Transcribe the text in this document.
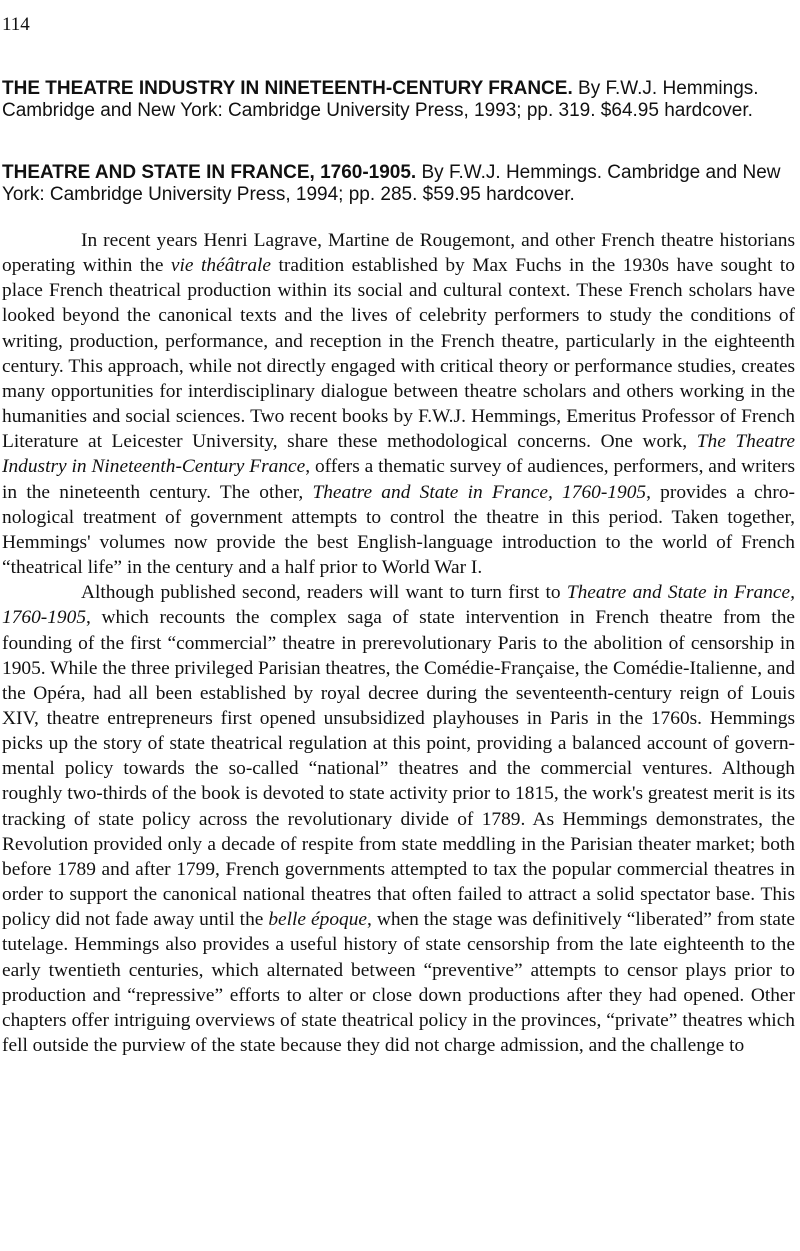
114

THE THEATRE INDUSTRY IN NINETEENTH-CENTURY FRANCE. By F.W.J. Hemmings. Cambridge and New York: Cambridge University Press, 1993; pp. 319. $64.95 hardcover.

THEATRE AND STATE IN FRANCE, 1760-1905. By F.W.J. Hemmings. Cambridge and New York: Cambridge University Press, 1994; pp. 285. $59.95 hardcover.

In recent years Henri Lagrave, Martine de Rougemont, and other French theatre historians operating within the vie théâtrale tradition established by Max Fuchs in the 1930s have sought to place French theatrical production within its social and cultural context. These French scholars have looked beyond the canonical texts and the lives of celebrity performers to study the conditions of writing, production, performance, and reception in the French theatre, particularly in the eighteenth century. This approach, while not directly engaged with critical theory or performance studies, creates many opportunities for interdisciplinary dialogue between theatre scholars and others working in the humanities and social sciences. Two recent books by F.W.J. Hemmings, Emeritus Professor of French Literature at Leicester University, share these methodological concerns. One work, The Theatre Industry in Nineteenth-Century France, offers a thematic survey of audiences, performers, and writers in the nineteenth century. The other, Theatre and State in France, 1760-1905, provides a chronological treatment of government attempts to control the theatre in this period. Taken together, Hemmings' volumes now provide the best English-language introduction to the world of French “theatrical life” in the century and a half prior to World War I.

Although published second, readers will want to turn first to Theatre and State in France, 1760-1905, which recounts the complex saga of state intervention in French theatre from the founding of the first “commercial” theatre in prerevolutionary Paris to the abolition of censorship in 1905. While the three privileged Parisian theatres, the Comédie-Française, the Comédie-Italienne, and the Opéra, had all been established by royal decree during the seventeenth-century reign of Louis XIV, theatre entrepreneurs first opened unsubsidized playhouses in Paris in the 1760s. Hemmings picks up the story of state theatrical regulation at this point, providing a balanced account of governmental policy towards the so-called “national” theatres and the commercial ventures. Although roughly two-thirds of the book is devoted to state activity prior to 1815, the work's greatest merit is its tracking of state policy across the revolutionary divide of 1789. As Hemmings demonstrates, the Revolution provided only a decade of respite from state meddling in the Parisian theater market; both before 1789 and after 1799, French governments attempted to tax the popular commercial theatres in order to support the canonical national theatres that often failed to attract a solid spectator base. This policy did not fade away until the belle époque, when the stage was definitively “liberated” from state tutelage. Hemmings also provides a useful history of state censorship from the late eighteenth to the early twentieth centuries, which alternated between “preventive” attempts to censor plays prior to production and “repressive” efforts to alter or close down productions after they had opened. Other chapters offer intriguing overviews of state theatrical policy in the provinces, “private” theatres which fell outside the purview of the state because they did not charge admission, and the challenge to
